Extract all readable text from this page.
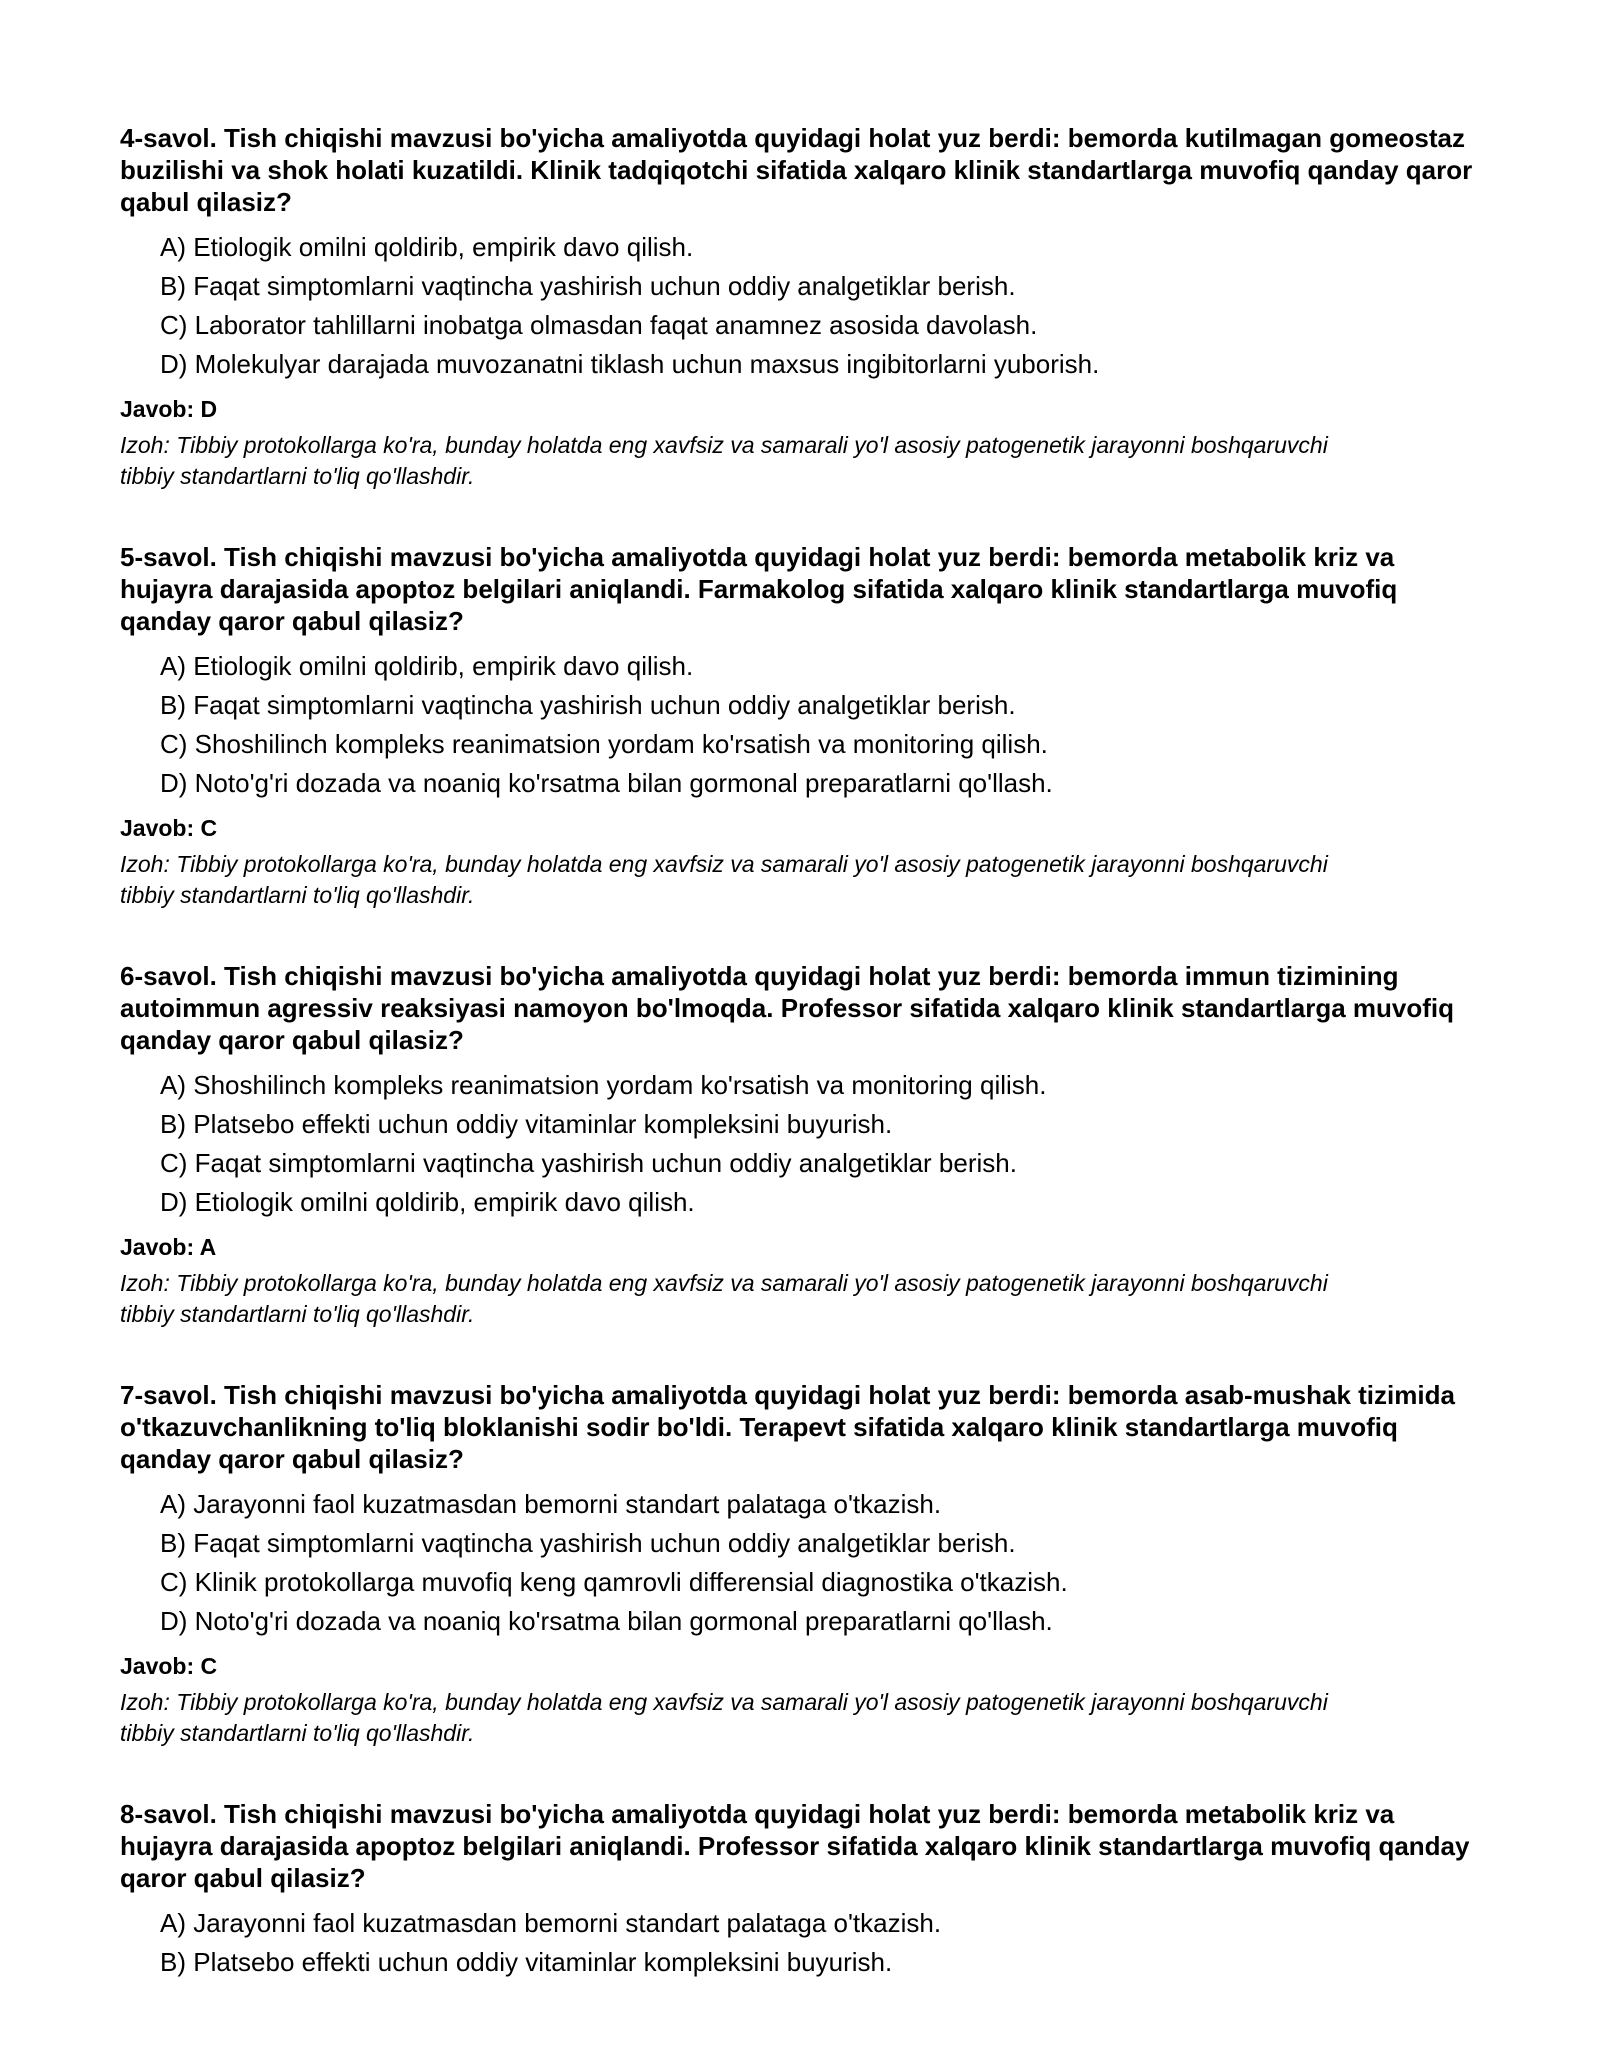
4-savol. Tish chiqishi mavzusi bo'yicha amaliyotda quyidagi holat yuz berdi: bemorda kutilmagan gomeostaz buzilishi va shok holati kuzatildi. Klinik tadqiqotchi sifatida xalqaro klinik standartlarga muvofiq qanday qaror qabul qilasiz?
A) Etiologik omilni qoldirib, empirik davo qilish.
B) Faqat simptomlarni vaqtincha yashirish uchun oddiy analgetiklar berish.
C) Laborator tahlillarni inobatga olmasdan faqat anamnez asosida davolash.
D) Molekulyar darajada muvozanatni tiklash uchun maxsus ingibitorlarni yuborish.
Javob: D
Izoh: Tibbiy protokollarga ko'ra, bunday holatda eng xavfsiz va samarali yo'l asosiy patogenetik jarayonni boshqaruvchi tibbiy standartlarni to'liq qo'llashdir.
5-savol. Tish chiqishi mavzusi bo'yicha amaliyotda quyidagi holat yuz berdi: bemorda metabolik kriz va hujayra darajasida apoptoz belgilari aniqlandi. Farmakolog sifatida xalqaro klinik standartlarga muvofiq qanday qaror qabul qilasiz?
A) Etiologik omilni qoldirib, empirik davo qilish.
B) Faqat simptomlarni vaqtincha yashirish uchun oddiy analgetiklar berish.
C) Shoshilinch kompleks reanimatsion yordam ko'rsatish va monitoring qilish.
D) Noto'g'ri dozada va noaniq ko'rsatma bilan gormonal preparatlarni qo'llash.
Javob: C
Izoh: Tibbiy protokollarga ko'ra, bunday holatda eng xavfsiz va samarali yo'l asosiy patogenetik jarayonni boshqaruvchi tibbiy standartlarni to'liq qo'llashdir.
6-savol. Tish chiqishi mavzusi bo'yicha amaliyotda quyidagi holat yuz berdi: bemorda immun tizimining autoimmun agressiv reaksiyasi namoyon bo'lmoqda. Professor sifatida xalqaro klinik standartlarga muvofiq qanday qaror qabul qilasiz?
A) Shoshilinch kompleks reanimatsion yordam ko'rsatish va monitoring qilish.
B) Platsebo effekti uchun oddiy vitaminlar kompleksini buyurish.
C) Faqat simptomlarni vaqtincha yashirish uchun oddiy analgetiklar berish.
D) Etiologik omilni qoldirib, empirik davo qilish.
Javob: A
Izoh: Tibbiy protokollarga ko'ra, bunday holatda eng xavfsiz va samarali yo'l asosiy patogenetik jarayonni boshqaruvchi tibbiy standartlarni to'liq qo'llashdir.
7-savol. Tish chiqishi mavzusi bo'yicha amaliyotda quyidagi holat yuz berdi: bemorda asab-mushak tizimida o'tkazuvchanlikning to'liq bloklanishi sodir bo'ldi. Terapevt sifatida xalqaro klinik standartlarga muvofiq qanday qaror qabul qilasiz?
A) Jarayonni faol kuzatmasdan bemorni standart palataga o'tkazish.
B) Faqat simptomlarni vaqtincha yashirish uchun oddiy analgetiklar berish.
C) Klinik protokollarga muvofiq keng qamrovli differensial diagnostika o'tkazish.
D) Noto'g'ri dozada va noaniq ko'rsatma bilan gormonal preparatlarni qo'llash.
Javob: C
Izoh: Tibbiy protokollarga ko'ra, bunday holatda eng xavfsiz va samarali yo'l asosiy patogenetik jarayonni boshqaruvchi tibbiy standartlarni to'liq qo'llashdir.
8-savol. Tish chiqishi mavzusi bo'yicha amaliyotda quyidagi holat yuz berdi: bemorda metabolik kriz va hujayra darajasida apoptoz belgilari aniqlandi. Professor sifatida xalqaro klinik standartlarga muvofiq qanday qaror qabul qilasiz?
A) Jarayonni faol kuzatmasdan bemorni standart palataga o'tkazish.
B) Platsebo effekti uchun oddiy vitaminlar kompleksini buyurish.
